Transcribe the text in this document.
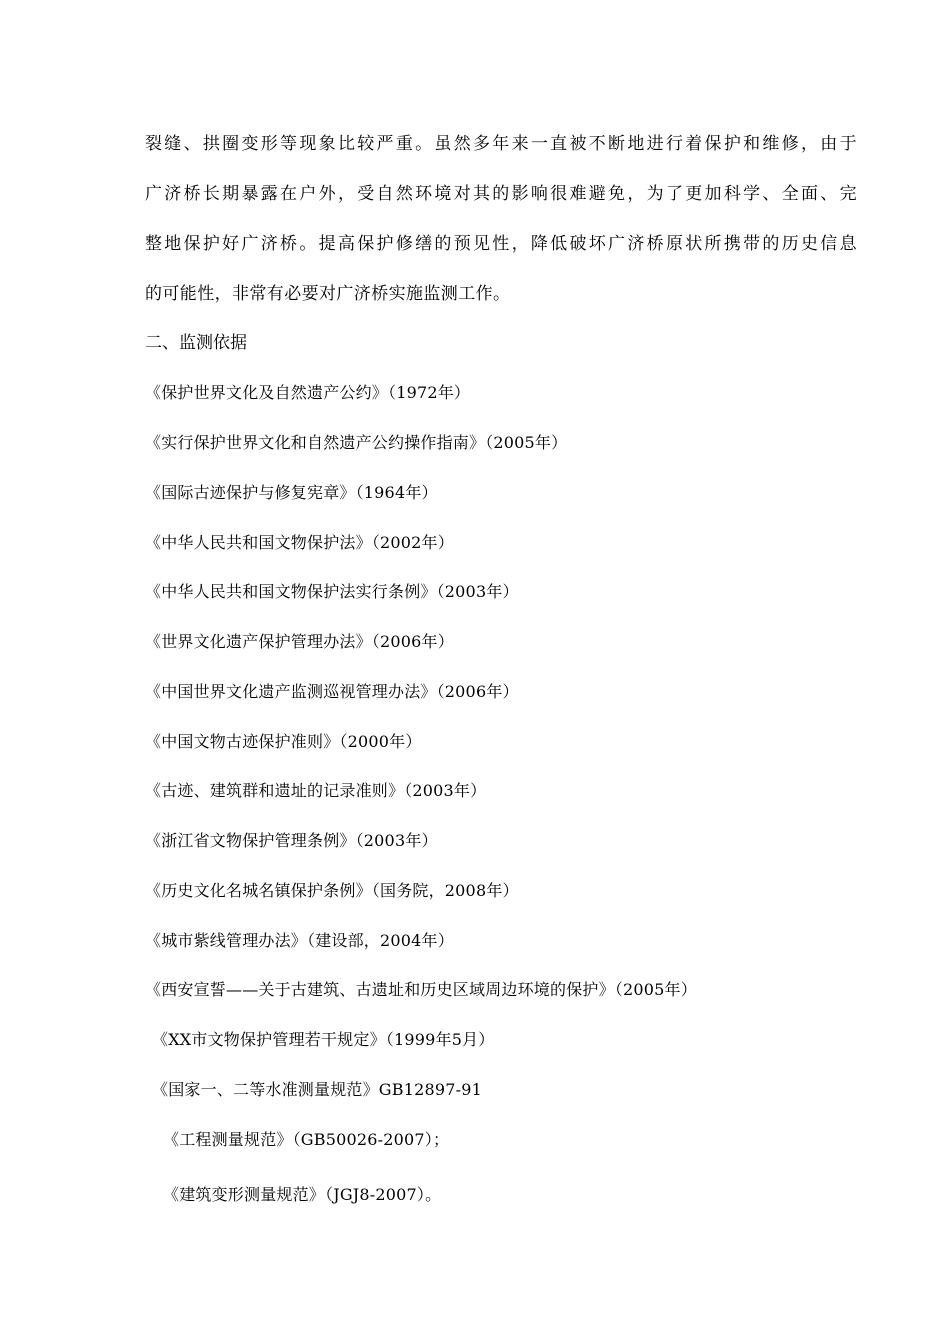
裂缝、拱圈变形等现象比较严重。虽然多年来一直被不断地进行着保护和维修，由于
广济桥长期暴露在户外，受自然环境对其的影响很难避免，为了更加科学、全面、完
整地保护好广济桥。提高保护修缮的预见性，降低破坏广济桥原状所携带的历史信息
的可能性，非常有必要对广济桥实施监测工作。
二、监测依据
《保护世界文化及自然遗产公约》（1972年）
《实行保护世界文化和自然遗产公约操作指南》（2005年）
《国际古迹保护与修复宪章》（1964年）
《中华人民共和国文物保护法》（2002年）
《中华人民共和国文物保护法实行条例》（2003年）
《世界文化遗产保护管理办法》（2006年）
《中国世界文化遗产监测巡视管理办法》（2006年）
《中国文物古迹保护准则》（2000年）
《古迹、建筑群和遗址的记录准则》（2003年）
《浙江省文物保护管理条例》（2003年）
《历史文化名城名镇保护条例》（国务院，2008年）
《城市紫线管理办法》（建设部，2004年）
《西安宣誓——关于古建筑、古遗址和历史区域周边环境的保护》（2005年）
《XX市文物保护管理若干规定》（1999年5月）
《国家一、二等水准测量规范》GB12897-91
《工程测量规范》（GB50026-2007）；
《建筑变形测量规范》（JGJ8-2007）。
